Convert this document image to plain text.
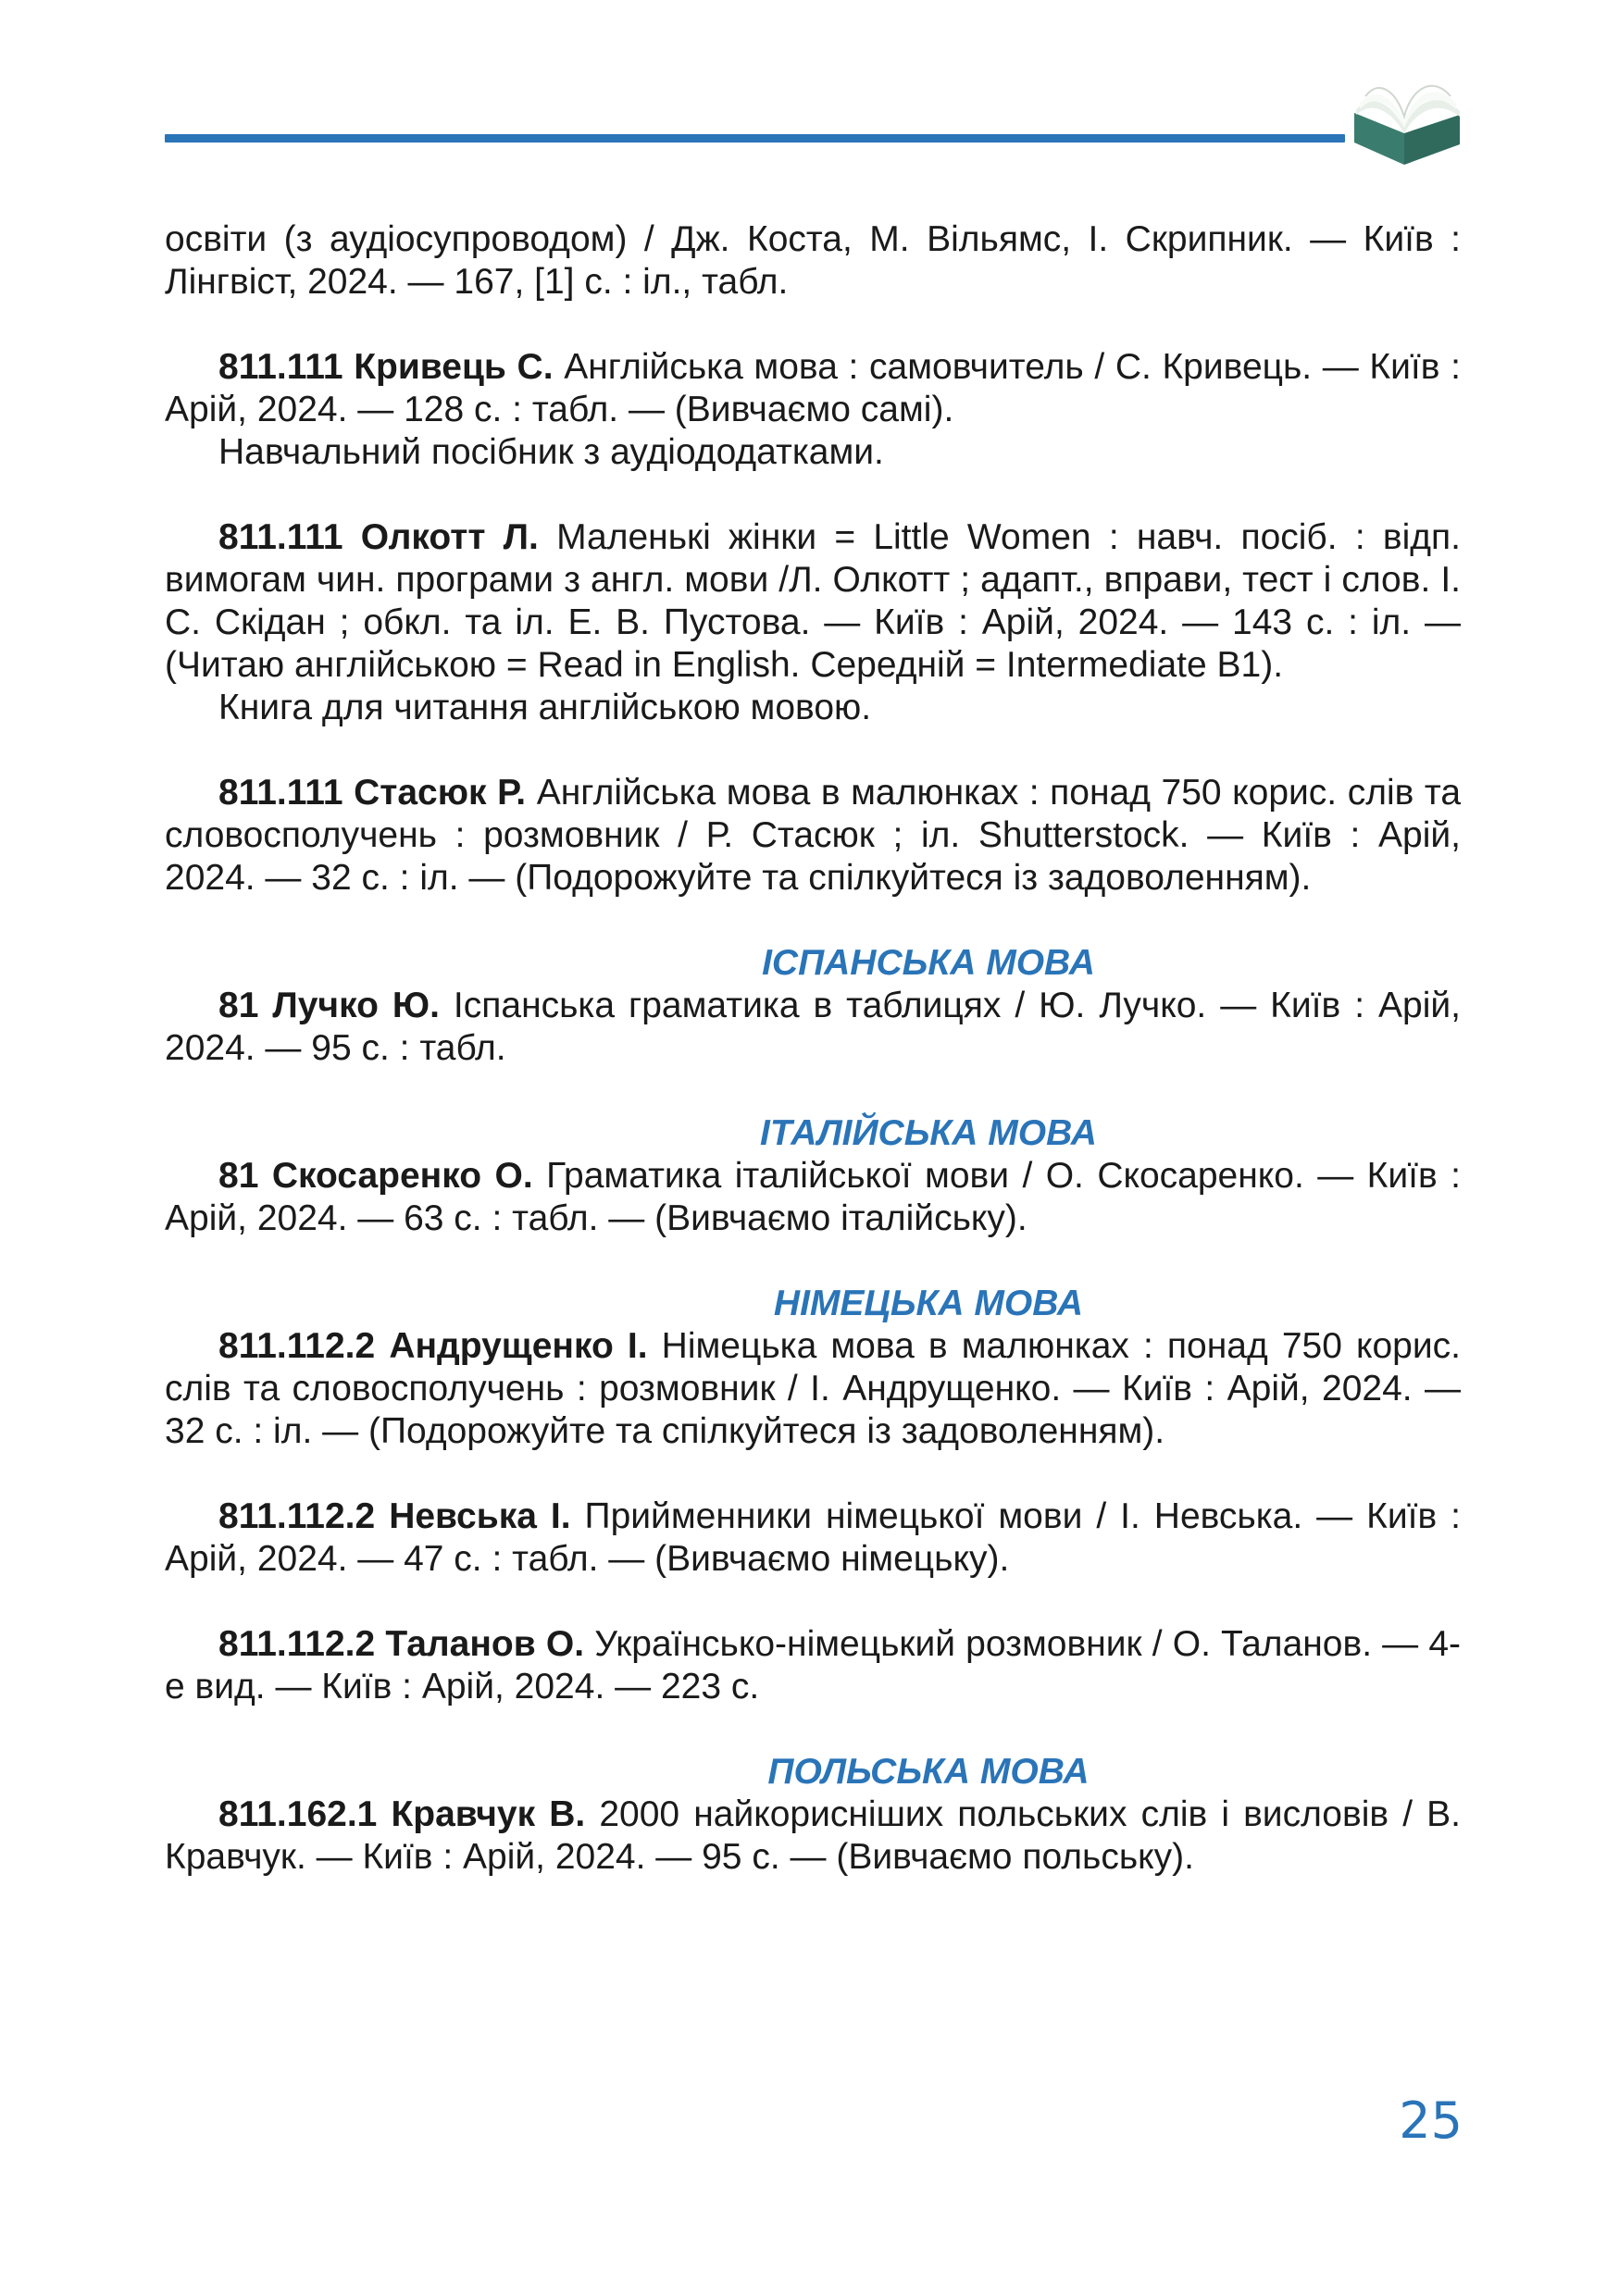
освіти (з аудіосупроводом) / Дж. Коста, М. Вільямс, І. Скрипник. — Київ : Лінгвіст, 2024. — 167, [1] с. : іл., табл.

811.111 Кривець С. Англійська мова : самовчитель / С. Кривець. — Київ : Арій, 2024. — 128 с. : табл. — (Вивчаємо самі).

Навчальний посібник з аудіододатками.

811.111 Олкотт Л. Маленькі жінки = Little Women : навч. посіб. : відп. вимогам чин. програми з англ. мови /Л. Олкотт ; адапт., вправи, тест і слов. І. С. Скідан ; обкл. та іл. Е. В. Пустова. — Київ : Арій, 2024. — 143 с. : іл. — (Читаю англійською = Read in English. Середній = Intermediate B1).

Книга для читання англійською мовою.

811.111 Стасюк Р. Англійська мова в малюнках : понад 750 корис. слів та словосполучень : розмовник / Р. Стасюк ; іл. Shutterstock. — Київ : Арій, 2024. — 32 с. : іл. — (Подорожуйте та спілкуйтеся із задоволенням).

ІСПАНСЬКА МОВА

81 Лучко Ю. Іспанська граматика в таблицях / Ю. Лучко. — Київ : Арій, 2024. — 95 с. : табл.

ІТАЛІЙСЬКА МОВА

81 Скосаренко О. Граматика італійської мови / О. Скосаренко. — Київ : Арій, 2024. — 63 с. : табл. — (Вивчаємо італійську).

НІМЕЦЬКА МОВА

811.112.2 Андрущенко І. Німецька мова в малюнках : понад 750 корис. слів та словосполучень : розмовник / І. Андрущенко. — Київ : Арій, 2024. — 32 с. : іл. — (Подорожуйте та спілкуйтеся із задоволенням).

811.112.2 Невська І. Прийменники німецької мови / І. Невська. — Київ : Арій, 2024. — 47 с. : табл. — (Вивчаємо німецьку).

811.112.2 Таланов О. Українсько-німецький розмовник / О. Таланов. — 4-е вид. — Київ : Арій, 2024. — 223 с.

ПОЛЬСЬКА МОВА

811.162.1 Кравчук В. 2000 найкорисніших польських слів і висловів / В. Кравчук. — Київ : Арій, 2024. — 95 с. — (Вивчаємо польську).

25
